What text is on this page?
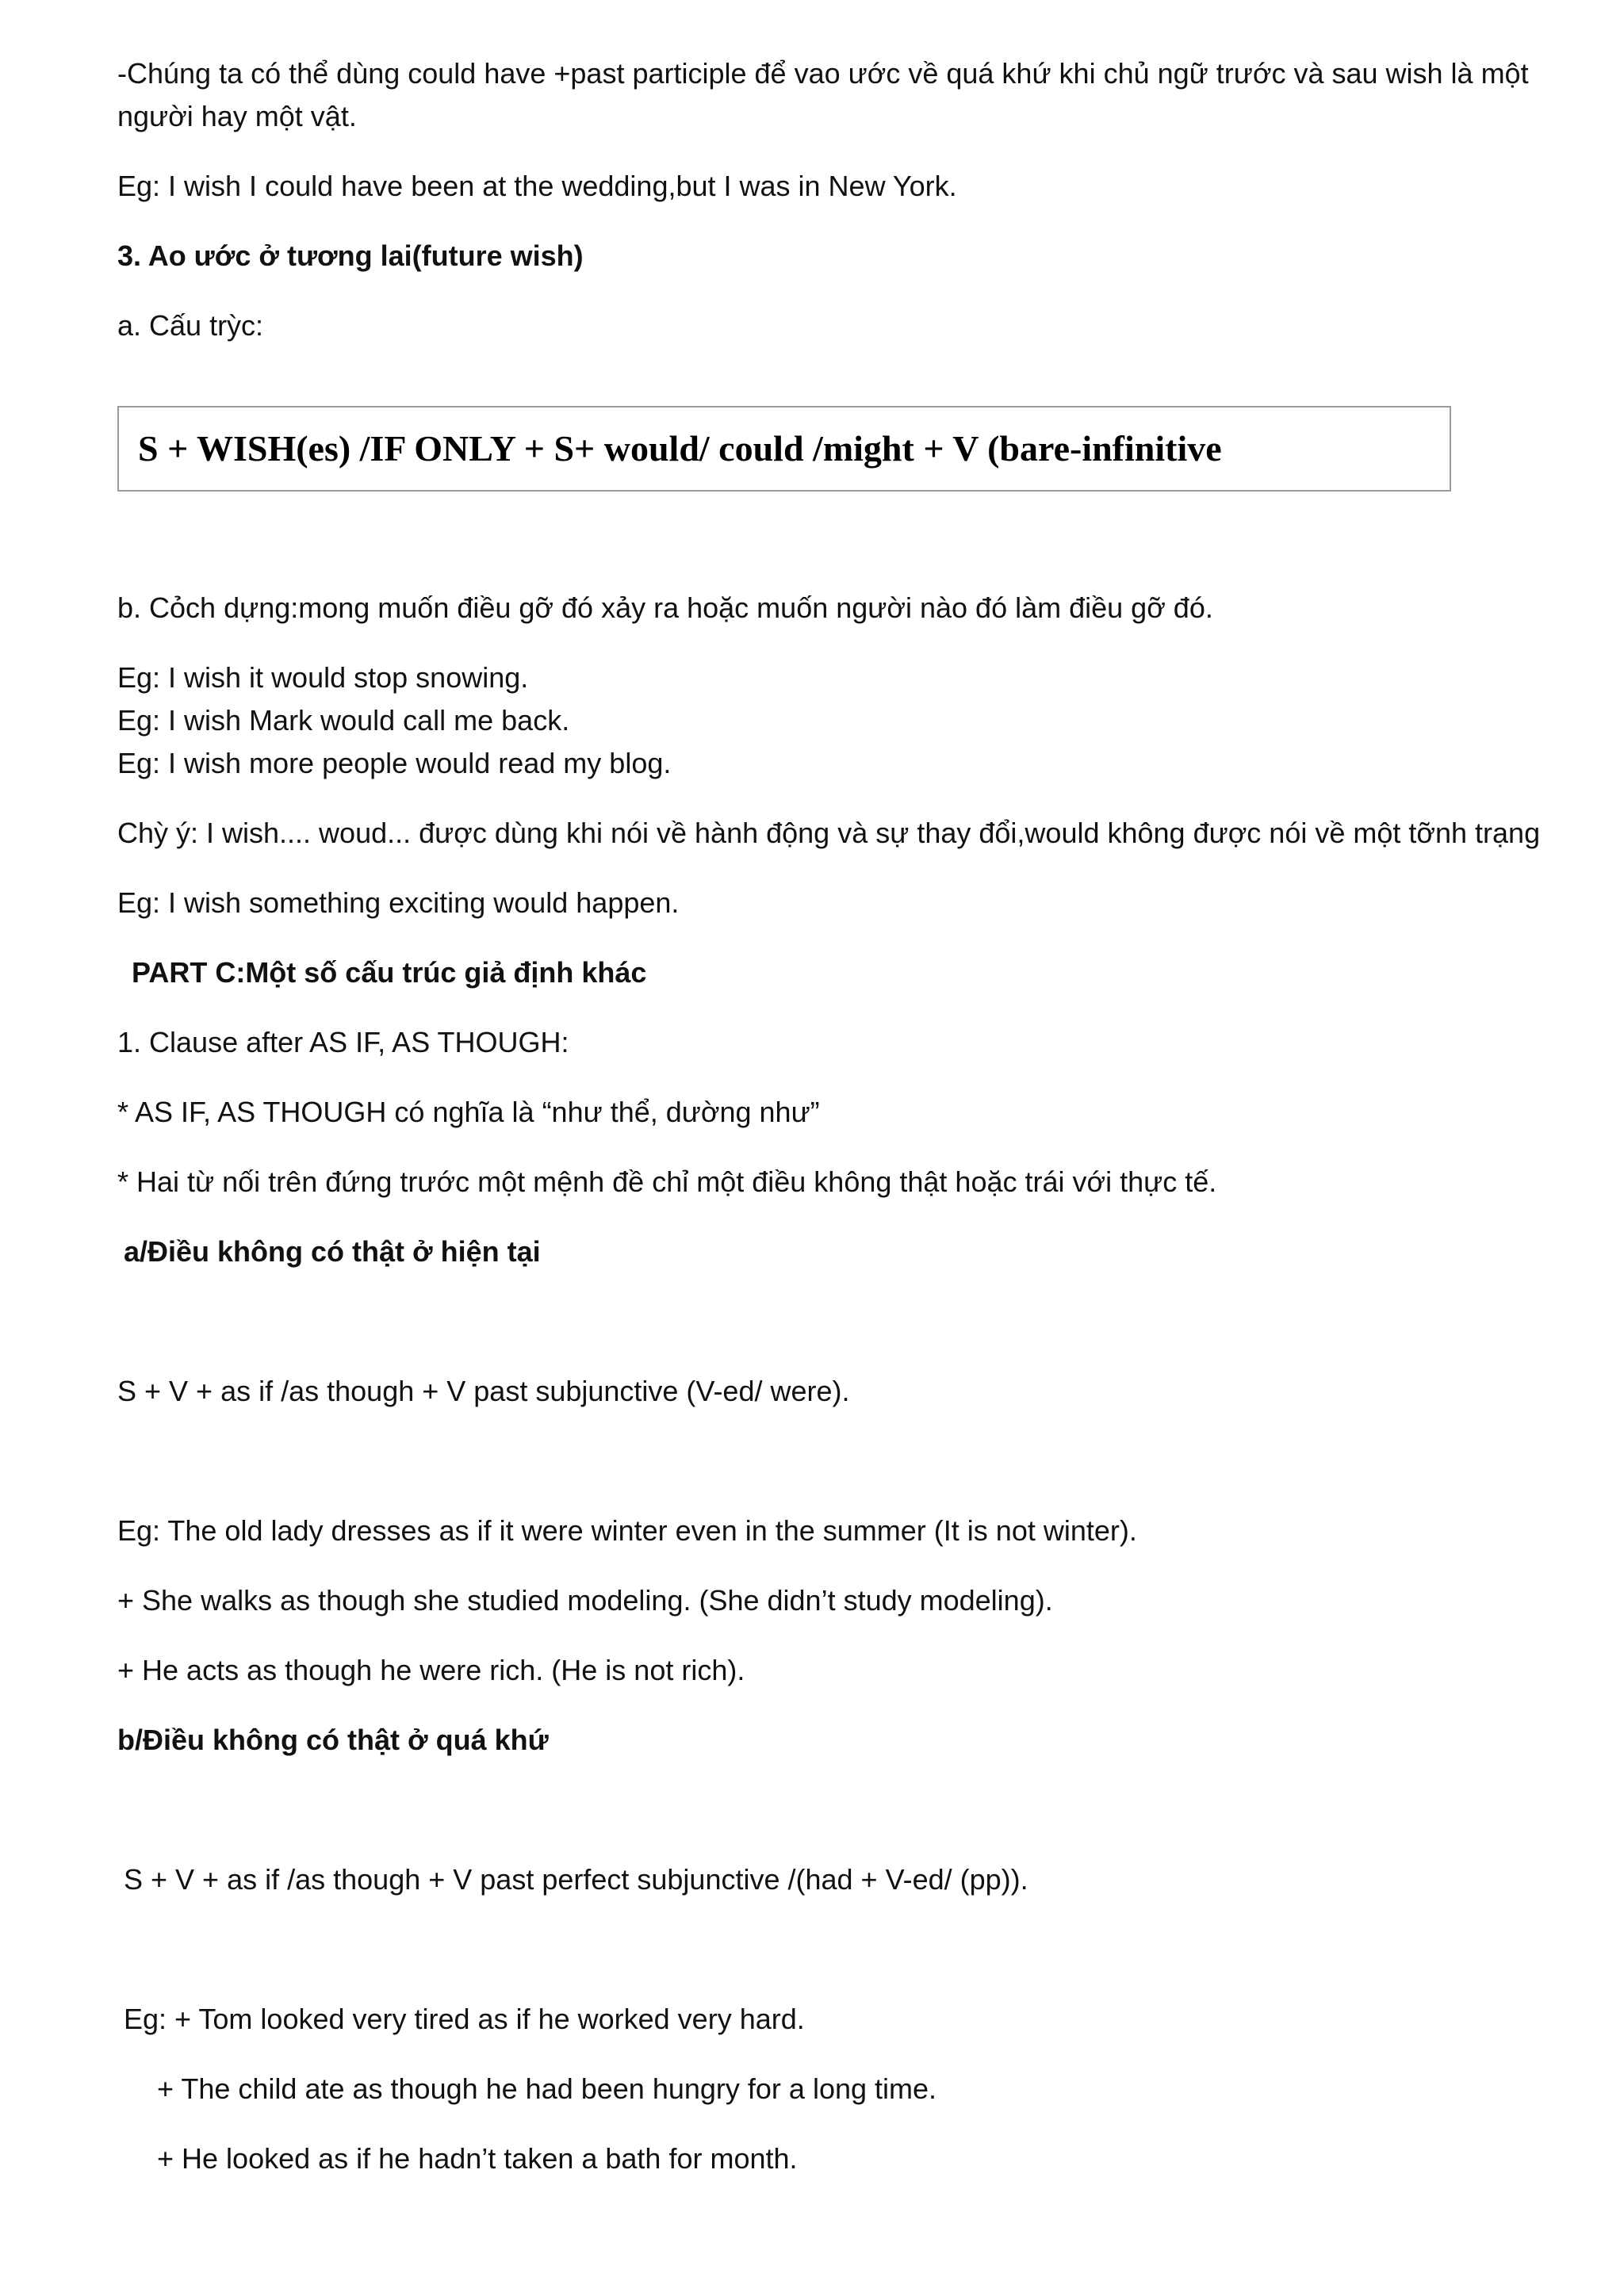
-Chúng ta có thể dùng could have +past participle để vao ước về quá khứ khi chủ ngữ trước và sau wish là một

người hay một vật.

Eg: I wish I could have been at the wedding,but I was in New York.

3. Ao ước ở tương lai(future wish)

a. Cấu trỳc:

S + WISH(es) /IF ONLY + S+ would/ could /might + V (bare-infinitive

b. Cỏch dựng:mong muốn điều gỡ đó xảy ra hoặc muốn người nào đó làm điều gỡ đó.

Eg: I wish it would stop snowing.

Eg: I wish Mark would call me back.

Eg: I wish more people would read my blog.

Chỳ ý: I wish.... woud... được dùng khi nói về hành động và sự thay đổi,would không được nói về một tỡnh trạng

Eg: I wish something exciting would happen.

PART C:Một số cấu trúc giả định khác

1. Clause after AS IF, AS THOUGH:

* AS IF, AS THOUGH có nghĩa là “như thể, dường như”

* Hai từ nối trên đứng trước một mệnh đề chỉ một điều không thật hoặc trái với thực tế.

a/Điều không có thật ở hiện tại

S + V + as if /as though + V past subjunctive (V-ed/ were).

Eg: The old lady dresses as if it were winter even in the summer (It is not winter).

+ She walks as though she studied modeling. (She didn’t study modeling).

+ He acts as though he were rich. (He is not rich).

b/Điều không có thật ở quá khứ

S + V + as if /as though + V past perfect subjunctive /(had + V-ed/ (pp)).

Eg: + Tom looked very tired as if he worked very hard.

+ The child ate as though he had been hungry for a long time.

+ He looked as if he hadn’t taken a bath for month.
